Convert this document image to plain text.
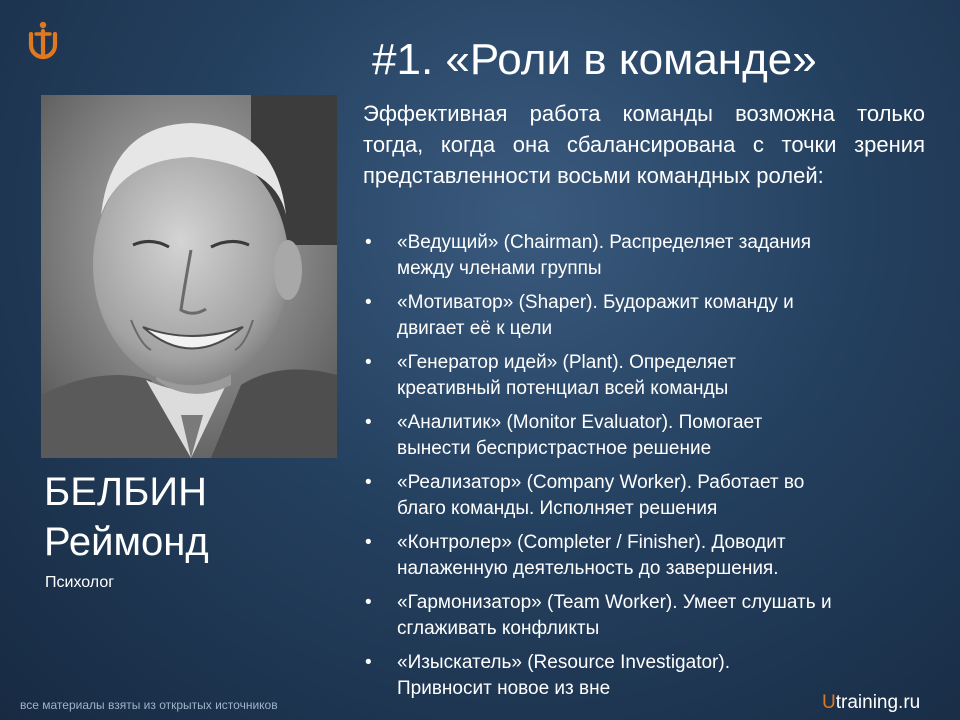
#1. «Роли в команде»
БЕЛБИН
Реймонд
Психолог
Эффективная работа команды возможна только тогда, когда она сбалансирована с точки зрения представленности восьми командных ролей:
• «Ведущий» (Chairman). Распределяет задания
между членами группы
• «Мотиватор» (Shaper). Будоражит команду и
двигает её к цели
• «Генератор идей» (Plant). Определяет
креативный потенциал всей команды
• «Аналитик» (Monitor Evaluator). Помогает
вынести беспристрастное решение
• «Реализатор» (Company Worker). Работает во
благо команды. Исполняет решения
• «Контролер» (Completer / Finisher). Доводит
налаженную деятельность до завершения.
• «Гармонизатор» (Team Worker). Умеет слушать и
сглаживать конфликты
• «Изыскатель» (Resource Investigator).
Привносит новое из вне
все материалы взяты из открытых источников	Utraining.ru
